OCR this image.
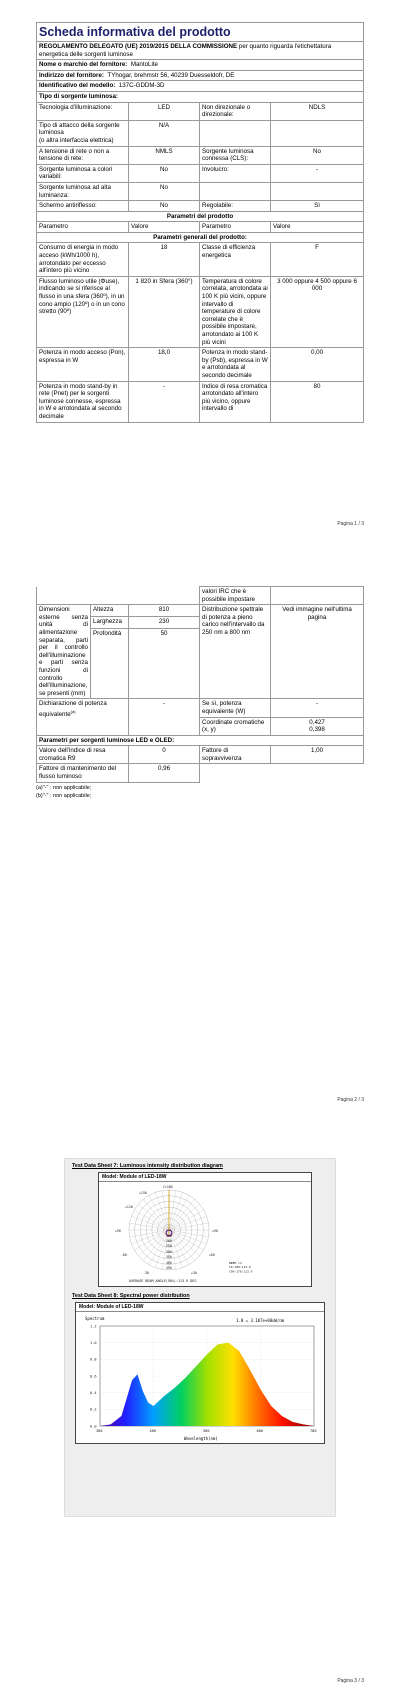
Scheda informativa del prodotto			
REGOLAMENTO DELEGATO (UE) 2019/2015 DELLA COMMISSIONE per quanto riguarda l'etichettatura energetica delle sorgenti luminose			
Nome o marchio del fornitore: MantoLite			
Indirizzo del fornitore: TYhogar, brehmstr 56, 40239 Duesseldofr, DE			
Identificativo del modello: 137C-GDDM-3D			
Tipo di sorgente luminosa:			
Tecnologia d'illuminazione:	LED	Non direzionale o direzionale:	NDLS
Tipo di attacco della sorgente luminosa
(o altra interfaccia elettrica)	N/A		
A tensione di rete o non a tensione di rete:	NMLS	Sorgente luminosa connessa (CLS):	No
Sorgente luminosa a colori variabili:	No	Involucro:	-
Sorgente luminosa ad alta luminanza:	No		
Schermo antiriflesso:	No	Regolabile:	Sì
Parametri del prodotto			
Parametro	Valore	Parametro	Valore
Parametri generali del prodotto:			
Consumo di energia in modo acceso (kWh/1000 h), arrotondato per eccesso all'intero più vicino	18	Classe di efficienza energetica	F
Flusso luminoso utile (Φuse), indicando se si riferisce al flusso in una sfera (360º), in un cono ampio (120º) o in un cono stretto (90º)	1 820 in Sfera (360°)	Temperatura di colore correlata, arrotondata ai 100 K più vicini, oppure intervallo di temperature di colore correlate che è possibile impostare, arrotondato ai 100 K più vicini	3 000 oppure 4 500 oppure 6 000
Potenza in modo acceso (Pon), espressa in W	18,0	Potenza in modo stand-by (Psb), espressa in W e arrotondata al secondo decimale	0,00
Potenza in modo stand-by in rete (Pnet) per le sorgenti luminose connesse, espressa in W e arrotondata al secondo decimale	-	Indice di resa cromatica arrotondato all'intero più vicino, oppure intervallo di	80
Pagina 1 / 3
			valori IRC che è possibile impostare	
Dimensioni esterne senza unità di alimentazione separata, parti per il controllo dell'illuminazione e parti senza funzioni di controllo dell'illuminazione, se presenti (mm)	Altezza	810	Distribuzione spettrale di potenza a pieno carico nell'intervallo da 250 nm a 800 nm	Vedi immagine nell'ultima pagina
	Larghezza	230		
	Profondità	50		
Dichiarazione di potenza equivalente$^{(a)}$		-	Se sì, potenza equivalente (W)	-
			Coordinate cromatiche (x, y)	0,427
0,398
Parametri per sorgenti luminose LED e OLED:				
Valore dell'indice di resa cromatica R9		0	Fattore di sopravvivenza	1,00
Fattore di mantenimento del flusso luminoso		0,96		
(a)"-" : non applicabile;
(b)"-" : non applicabile;
Pagina 2 / 3
Test Data Sheet 7: Luminous intensity distribution diagram
Model: Module of LED-18W
C=180
+150
+120
+90
-60
-30	+30
+60
+90
150
200
250
300
350
400
450
NBEM cd
C0-180:113.8
C90-270:113.9
AVERAGE BEAM ANGLE(50%):113.9 DEG
Test Data Sheet 8: Spectral power distribution
Model: Module of LED-18W
Spectrum	1.0 = 3.187e+00uW/nm
Wavelength(nm)
1.2
1.0
0.8
0.6
0.4
0.2
0.0
380	480	580	680	780
Pagina 3 / 3
